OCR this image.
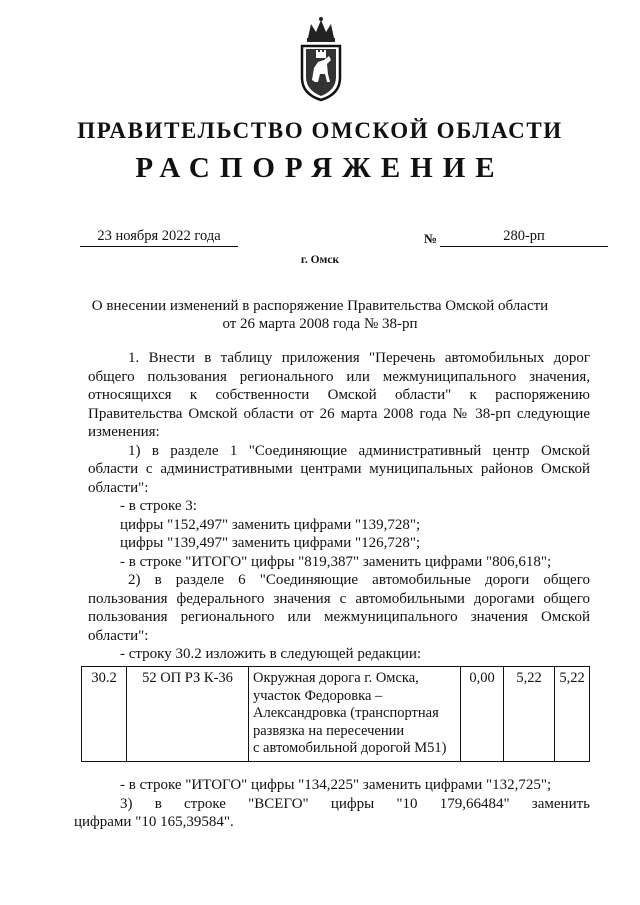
ПРАВИТЕЛЬСТВО ОМСКОЙ ОБЛАСТИ
РАСПОРЯЖЕНИЕ
23 ноября 2022 года	№	280-рп
г. Омск
О внесении изменений в распоряжение Правительства Омской области
от 26 марта 2008 года № 38-рп
1. Внести в таблицу приложения "Перечень автомобильных дорог
общего пользования регионального или межмуниципального значения,
относящихся к собственности Омской области" к распоряжению
Правительства Омской области от 26 марта 2008 года № 38-рп следующие
изменения:
1) в разделе 1 "Соединяющие административный центр Омской
области с административными центрами муниципальных районов Омской
области":
- в строке 3:
цифры "152,497" заменить цифрами "139,728";
цифры "139,497" заменить цифрами "126,728";
- в строке "ИТОГО" цифры "819,387" заменить цифрами "806,618";
2) в разделе 6 "Соединяющие автомобильные дороги общего
пользования федерального значения с автомобильными дорогами общего
пользования регионального или межмуниципального значения Омской
области":
- строку 30.2 изложить в следующей редакции:
30.2	52 ОП РЗ К-36	Окружная дорога г. Омска,
участок Федоровка –
Александровка (транспортная
развязка на пересечении
с автомобильной дорогой М51)
	0,00	5,22	5,22
- в строке "ИТОГО" цифры "134,225" заменить цифрами "132,725";
3) в строке "ВСЕГО" цифры "10 179,66484" заменить
цифрами "10 165,39584".
